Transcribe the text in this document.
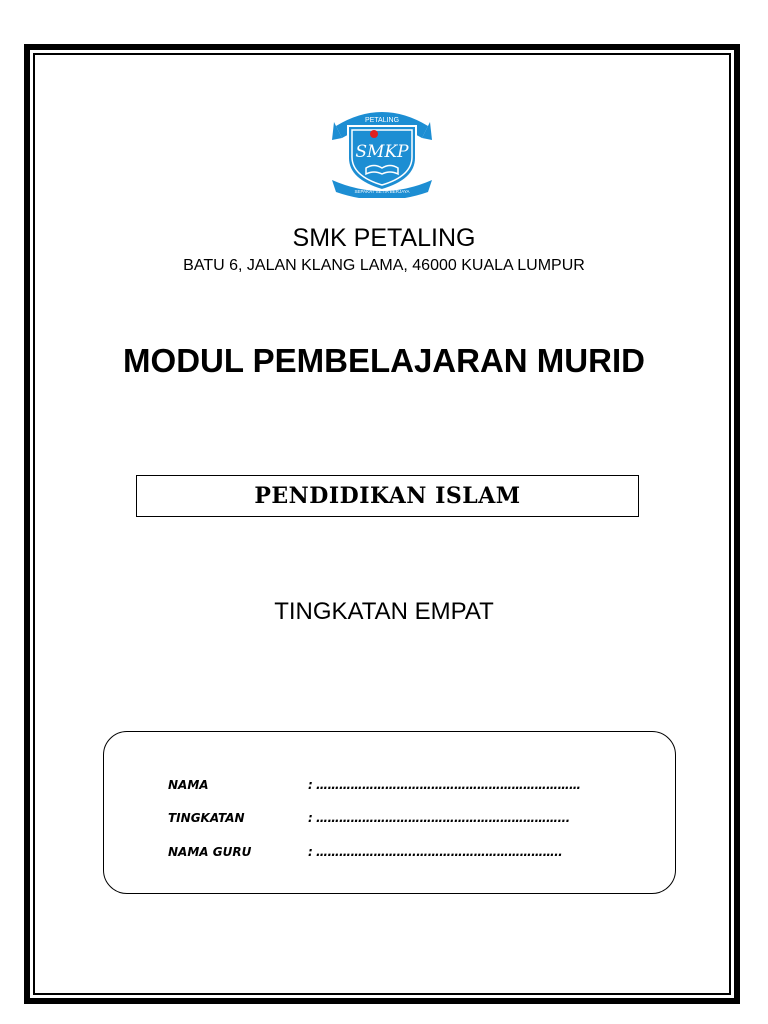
PETALING
SMKP
SEPAKAT SETIA BERJAYA
SMK PETALING
BATU 6, JALAN KLANG LAMA, 46000 KUALA LUMPUR
MODUL PEMBELAJARAN MURID
PENDIDIKAN ISLAM
TINGKATAN EMPAT
NAMA	: ……………………………………………………………
TINGKATAN	: ………………………………………………………...
NAMA GURU	: ……………………..………………………………..
